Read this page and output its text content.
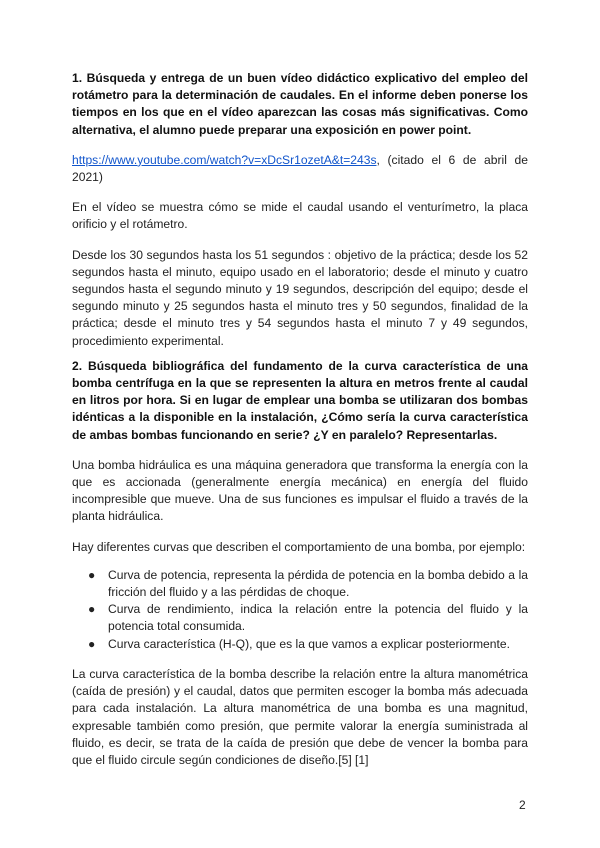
1. Búsqueda y entrega de un buen vídeo didáctico explicativo del empleo del rotámetro para la determinación de caudales. En el informe deben ponerse los tiempos en los que en el vídeo aparezcan las cosas más significativas. Como alternativa, el alumno puede preparar una exposición en power point.

https://www.youtube.com/watch?v=xDcSr1ozetA&t=243s, (citado el 6 de abril de 2021)

En el vídeo se muestra cómo se mide el caudal usando el venturímetro, la placa orificio y el rotámetro.

Desde los 30 segundos hasta los 51 segundos : objetivo de la práctica; desde los 52 segundos hasta el minuto, equipo usado en el laboratorio; desde el minuto y cuatro segundos hasta el segundo minuto y 19 segundos, descripción del equipo; desde el segundo minuto y 25 segundos hasta el minuto tres y 50 segundos, finalidad de la práctica; desde el minuto tres y 54 segundos hasta el minuto 7 y 49 segundos, procedimiento experimental.

2. Búsqueda bibliográfica del fundamento de la curva característica de una bomba centrífuga en la que se representen la altura en metros frente al caudal en litros por hora. Si en lugar de emplear una bomba se utilizaran dos bombas idénticas a la disponible en la instalación, ¿Cómo sería la curva característica de ambas bombas funcionando en serie? ¿Y en paralelo? Representarlas.

Una bomba hidráulica es una máquina generadora que transforma la energía con la que es accionada (generalmente energía mecánica) en energía del fluido incompresible que mueve. Una de sus funciones es impulsar el fluido a través de la planta hidráulica.

Hay diferentes curvas que describen el comportamiento de una bomba, por ejemplo:

● Curva de potencia, representa la pérdida de potencia en la bomba debido a la fricción del fluido y a las pérdidas de choque.
● Curva de rendimiento, indica la relación entre la potencia del fluido y la potencia total consumida.
● Curva característica (H-Q), que es la que vamos a explicar posteriormente.

La curva característica de la bomba describe la relación entre la altura manométrica (caída de presión) y el caudal, datos que permiten escoger la bomba más adecuada para cada instalación. La altura manométrica de una bomba es una magnitud, expresable también como presión, que permite valorar la energía suministrada al fluido, es decir, se trata de la caída de presión que debe de vencer la bomba para que el fluido circule según condiciones de diseño.[5] [1]

2
